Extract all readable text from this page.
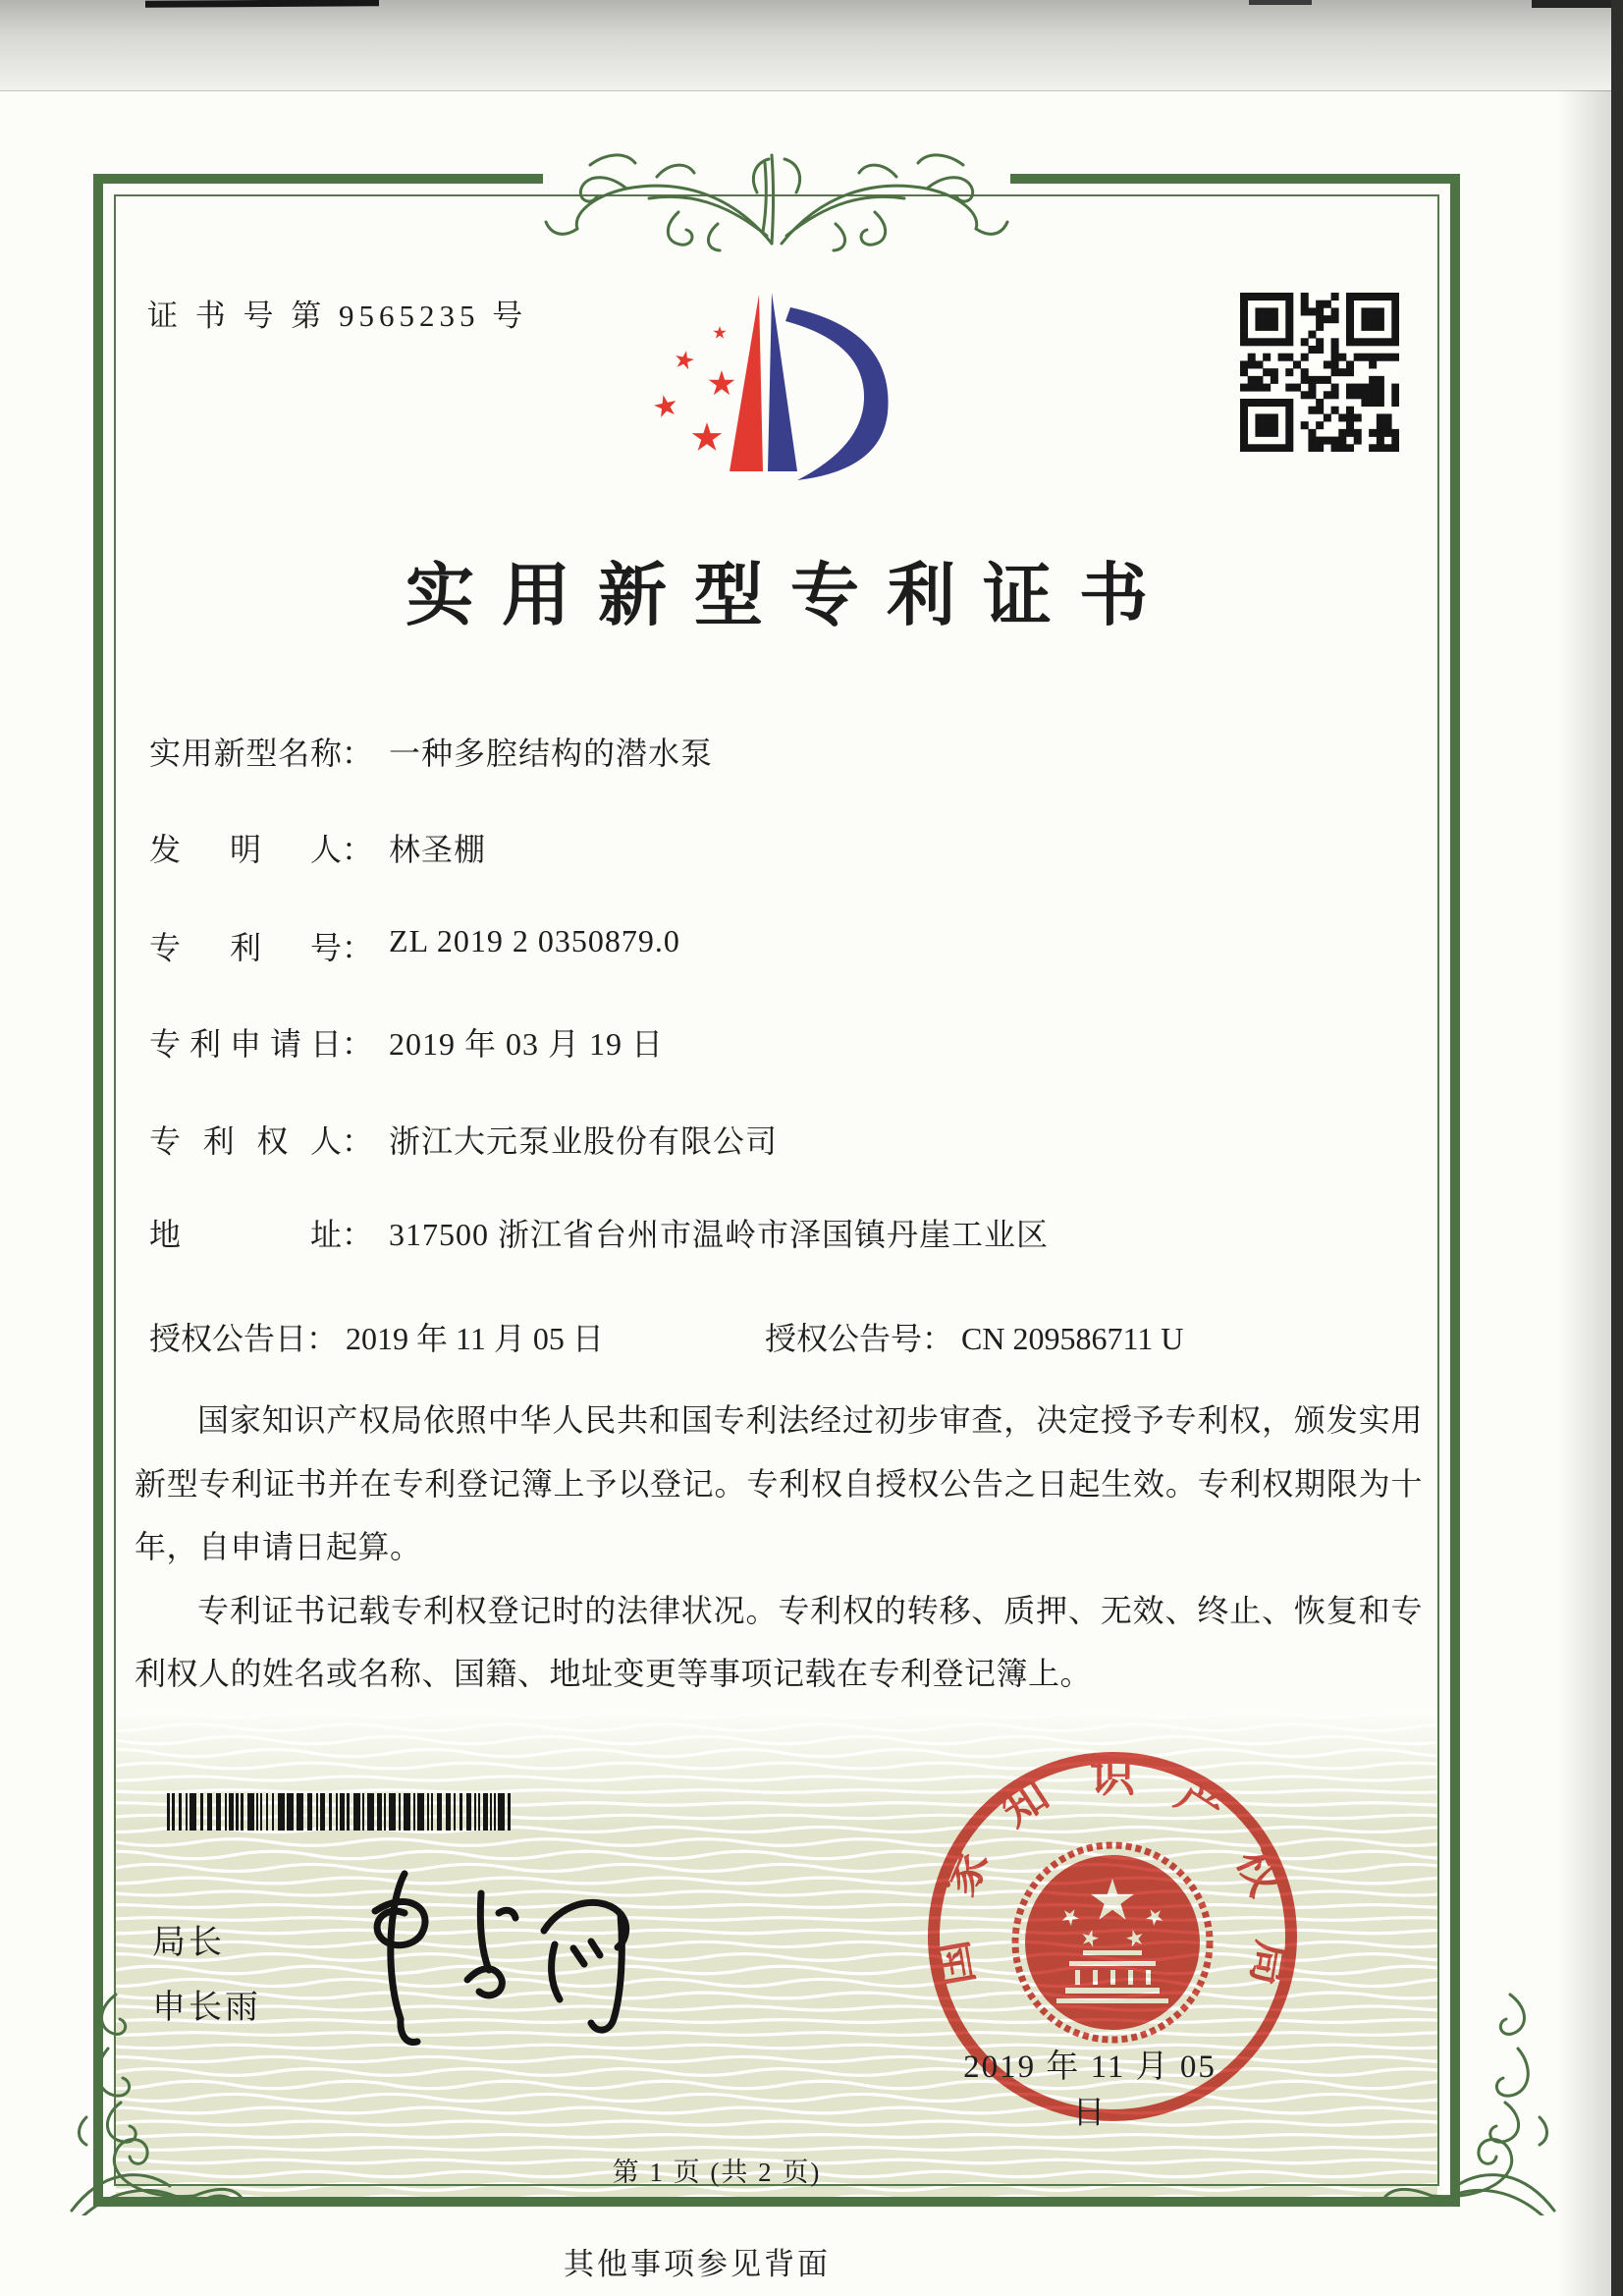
证 书 号 第 9565235 号
实用新型专利证书
实用新型名称： 一种多腔结构的潜水泵
发明人： 林圣棚
专利号： ZL 2019 2 0350879.0
专利申请日： 2019 年 03 月 19 日
专利权人： 浙江大元泵业股份有限公司
地址： 317500 浙江省台州市温岭市泽国镇丹崖工业区
授权公告日： 2019 年 11 月 05 日	授权公告号： CN 209586711 U

国家知识产权局依照中华人民共和国专利法经过初步审查，决定授予专利权，颁发实用新型专利证书并在专利登记簿上予以登记。专利权自授权公告之日起生效。专利权期限为十年，自申请日起算。

专利证书记载专利权登记时的法律状况。专利权的转移、质押、无效、终止、恢复和专利权人的姓名或名称、国籍、地址变更等事项记载在专利登记簿上。

局长
申长雨
国家知识产权局
2019 年 11 月 05 日
第 1 页 (共 2 页)
其他事项参见背面
